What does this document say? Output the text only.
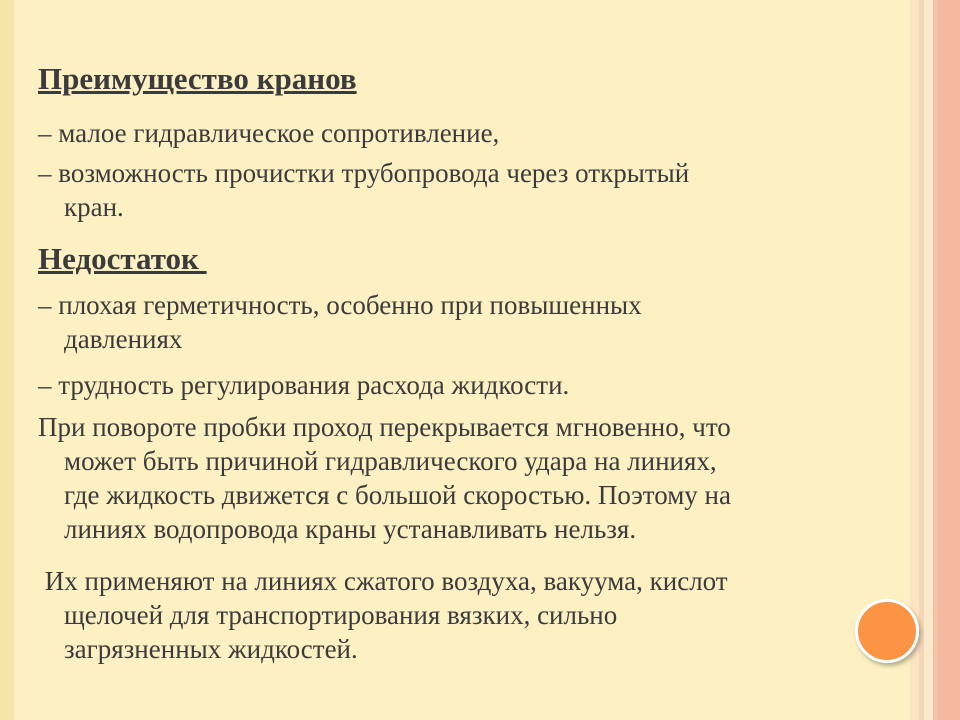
Преимущество кранов
– малое гидравлическое сопротивление,
– возможность прочистки трубопровода через открытый
кран.
Недостаток
– плохая герметичность, особенно при повышенных
давлениях
– трудность регулирования расхода жидкости.
При повороте пробки проход перекрывается мгновенно, что
может быть причиной гидравлического удара на линиях,
где жидкость движется с большой скоростью. Поэтому на
линиях водопровода краны устанавливать нельзя.
Их применяют на линиях сжатого воздуха, вакуума, кислот
щелочей для транспортирования вязких, сильно
загрязненных жидкостей.
